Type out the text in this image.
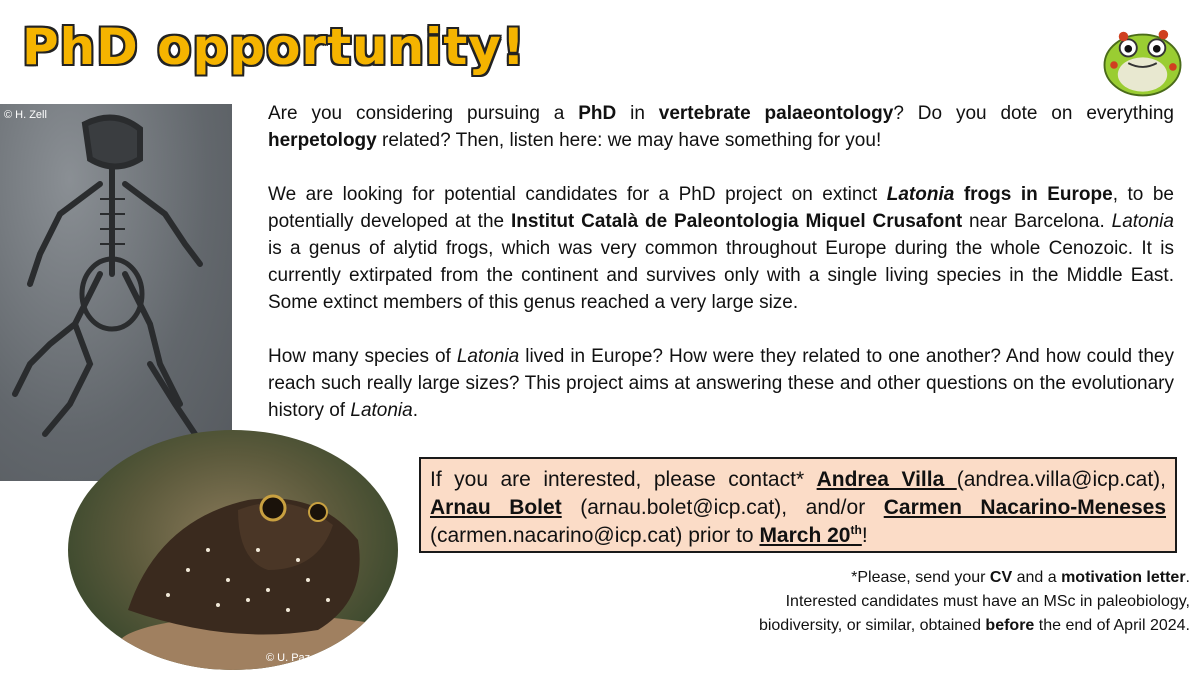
PhD opportunity!
© H. Zell
© U. Paz
Are you considering pursuing a PhD in vertebrate palaeontology? Do you dote on everything herpetology related? Then, listen here: we may have something for you!
We are looking for potential candidates for a PhD project on extinct Latonia frogs in Europe, to be potentially developed at the Institut Català de Paleontologia Miquel Crusafont near Barcelona. Latonia is a genus of alytid frogs, which was very common throughout Europe during the whole Cenozoic. It is currently extirpated from the continent and survives only with a single living species in the Middle East. Some extinct members of this genus reached a very large size.
How many species of Latonia lived in Europe? How were they related to one another? And how could they reach such really large sizes? This project aims at answering these and other questions on the evolutionary history of Latonia.
If you are interested, please contact* Andrea Villa (andrea.villa@icp.cat), Arnau Bolet (arnau.bolet@icp.cat), and/or Carmen Nacarino-Meneses (carmen.nacarino@icp.cat) prior to March 20th!
*Please, send your CV and a motivation letter.
Interested candidates must have an MSc in paleobiology,
biodiversity, or similar, obtained before the end of April 2024.
